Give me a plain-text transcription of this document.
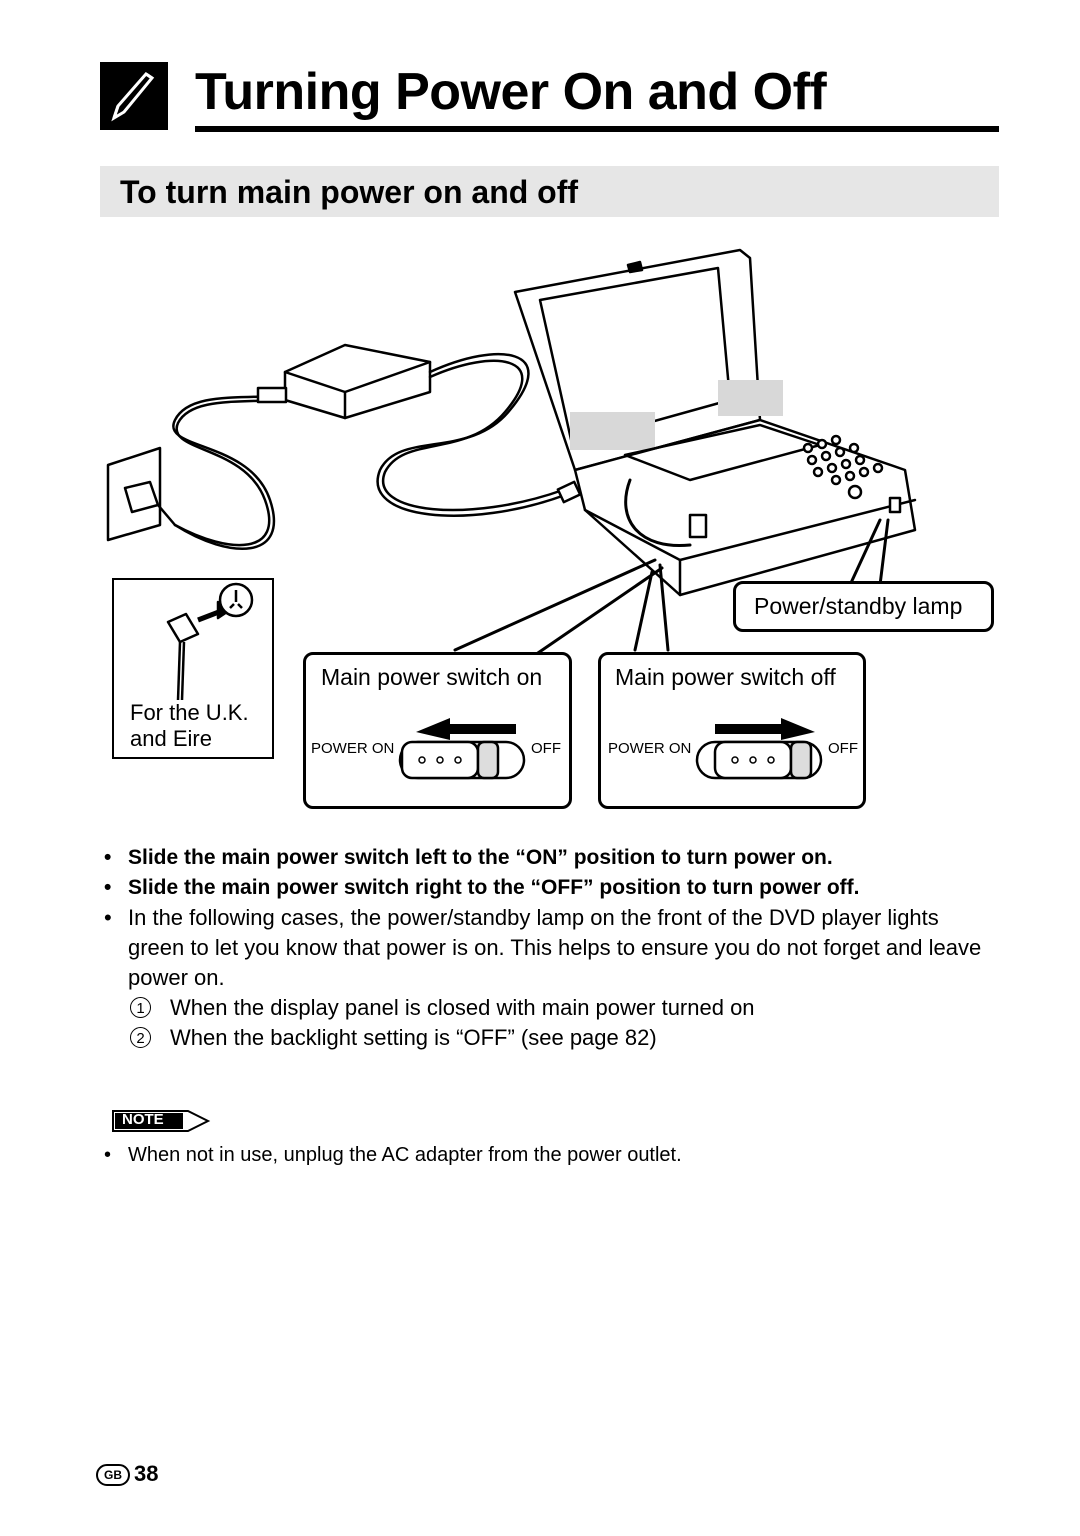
Turning Power On and Off
To turn main power on and off
For the U.K.
and Eire
Power/standby lamp
Main power switch on
POWER ON	OFF
Main power switch off
POWER ON	OFF
• Slide the main power switch left to the “ON” position to turn power on.
• Slide the main power switch right to the “OFF” position to turn power off.
• In the following cases, the power/standby lamp on the front of the DVD player lights green to let you know that power is on. This helps to ensure you do not forget and leave power on.
1 When the display panel is closed with main power turned on
2 When the backlight setting is “OFF” (see page 82)
NOTE
• When not in use, unplug the AC adapter from the power outlet.
GB 38
